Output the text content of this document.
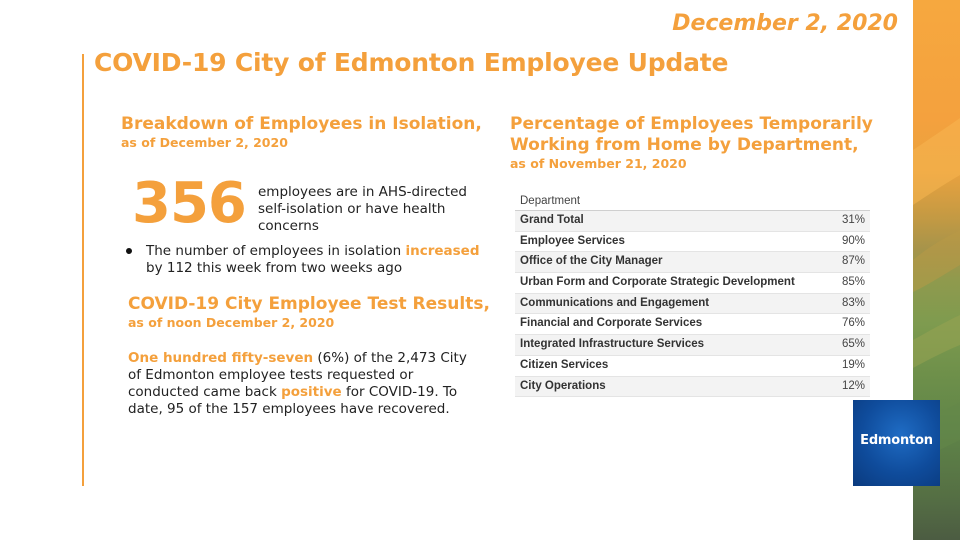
December 2, 2020
COVID-19 City of Edmonton Employee Update
Breakdown of Employees in Isolation,
as of December 2, 2020
356 employees are in AHS-directed self-isolation or have health concerns
The number of employees in isolation increased by 112 this week from two weeks ago
COVID-19 City Employee Test Results,
as of noon December 2, 2020
One hundred fifty-seven (6%) of the 2,473 City of Edmonton employee tests requested or conducted came back positive for COVID-19. To date, 95 of the 157 employees have recovered.
Percentage of Employees Temporarily
Working from Home by Department,
as of November 21, 2020
Department
Grand Total	31%
Employee Services	90%
Office of the City Manager	87%
Urban Form and Corporate Strategic Development	85%
Communications and Engagement	83%
Financial and Corporate Services	76%
Integrated Infrastructure Services	65%
Citizen Services	19%
City Operations	12%
Edmonton
